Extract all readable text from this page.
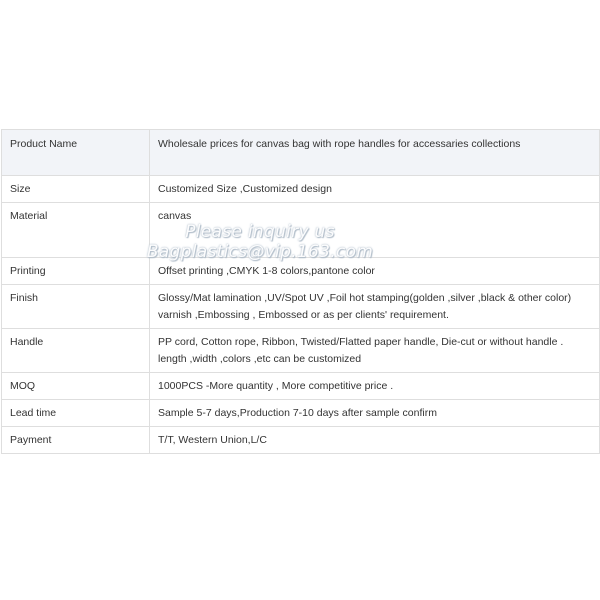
Product Name	Wholesale prices for canvas bag with rope handles for accessaries collections
Size	Customized Size ,Customized design
Material	canvas
Printing	Offset printing ,CMYK 1-8 colors,pantone color
Finish	Glossy/Mat lamination ,UV/Spot UV ,Foil hot stamping(golden ,silver ,black & other color) varnish ,Embossing , Embossed or as per clients' requirement.
Handle	PP cord, Cotton rope, Ribbon, Twisted/Flatted paper handle, Die-cut or without handle . length ,width ,colors ,etc can be customized
MOQ	1000PCS -More quantity , More competitive price .
Lead time	Sample 5-7 days,Production 7-10 days after sample confirm
Payment	T/T, Western Union,L/C
Please inquiry us
Bagplastics@vip.163.com
